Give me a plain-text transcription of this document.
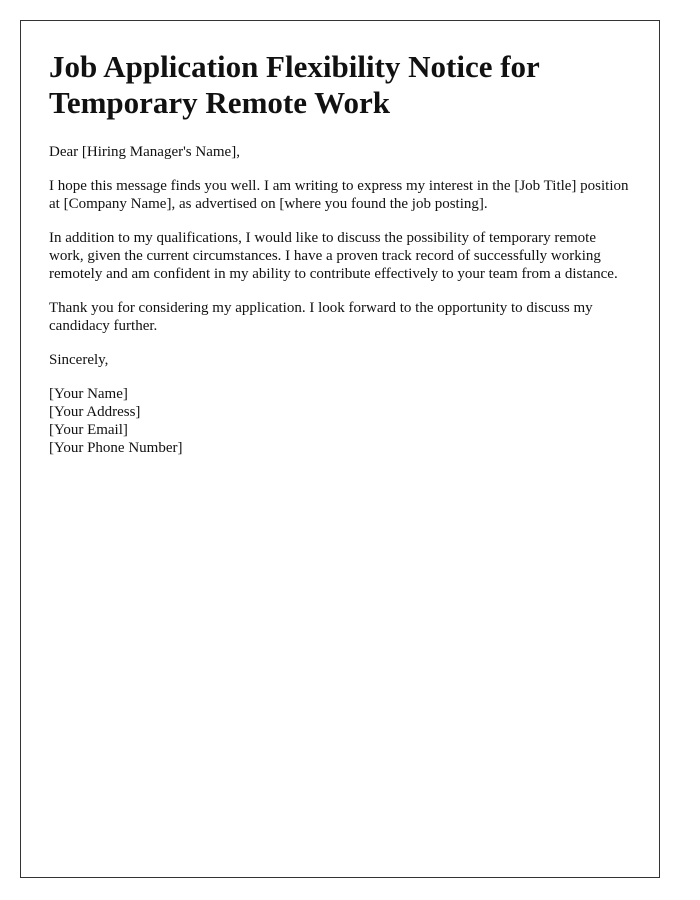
Job Application Flexibility Notice for Temporary Remote Work

Dear [Hiring Manager's Name],

I hope this message finds you well. I am writing to express my interest in the [Job Title] position at [Company Name], as advertised on [where you found the job posting].

In addition to my qualifications, I would like to discuss the possibility of temporary remote work, given the current circumstances. I have a proven track record of successfully working remotely and am confident in my ability to contribute effectively to your team from a distance.

Thank you for considering my application. I look forward to the opportunity to discuss my candidacy further.

Sincerely,

[Your Name]
[Your Address]
[Your Email]
[Your Phone Number]
